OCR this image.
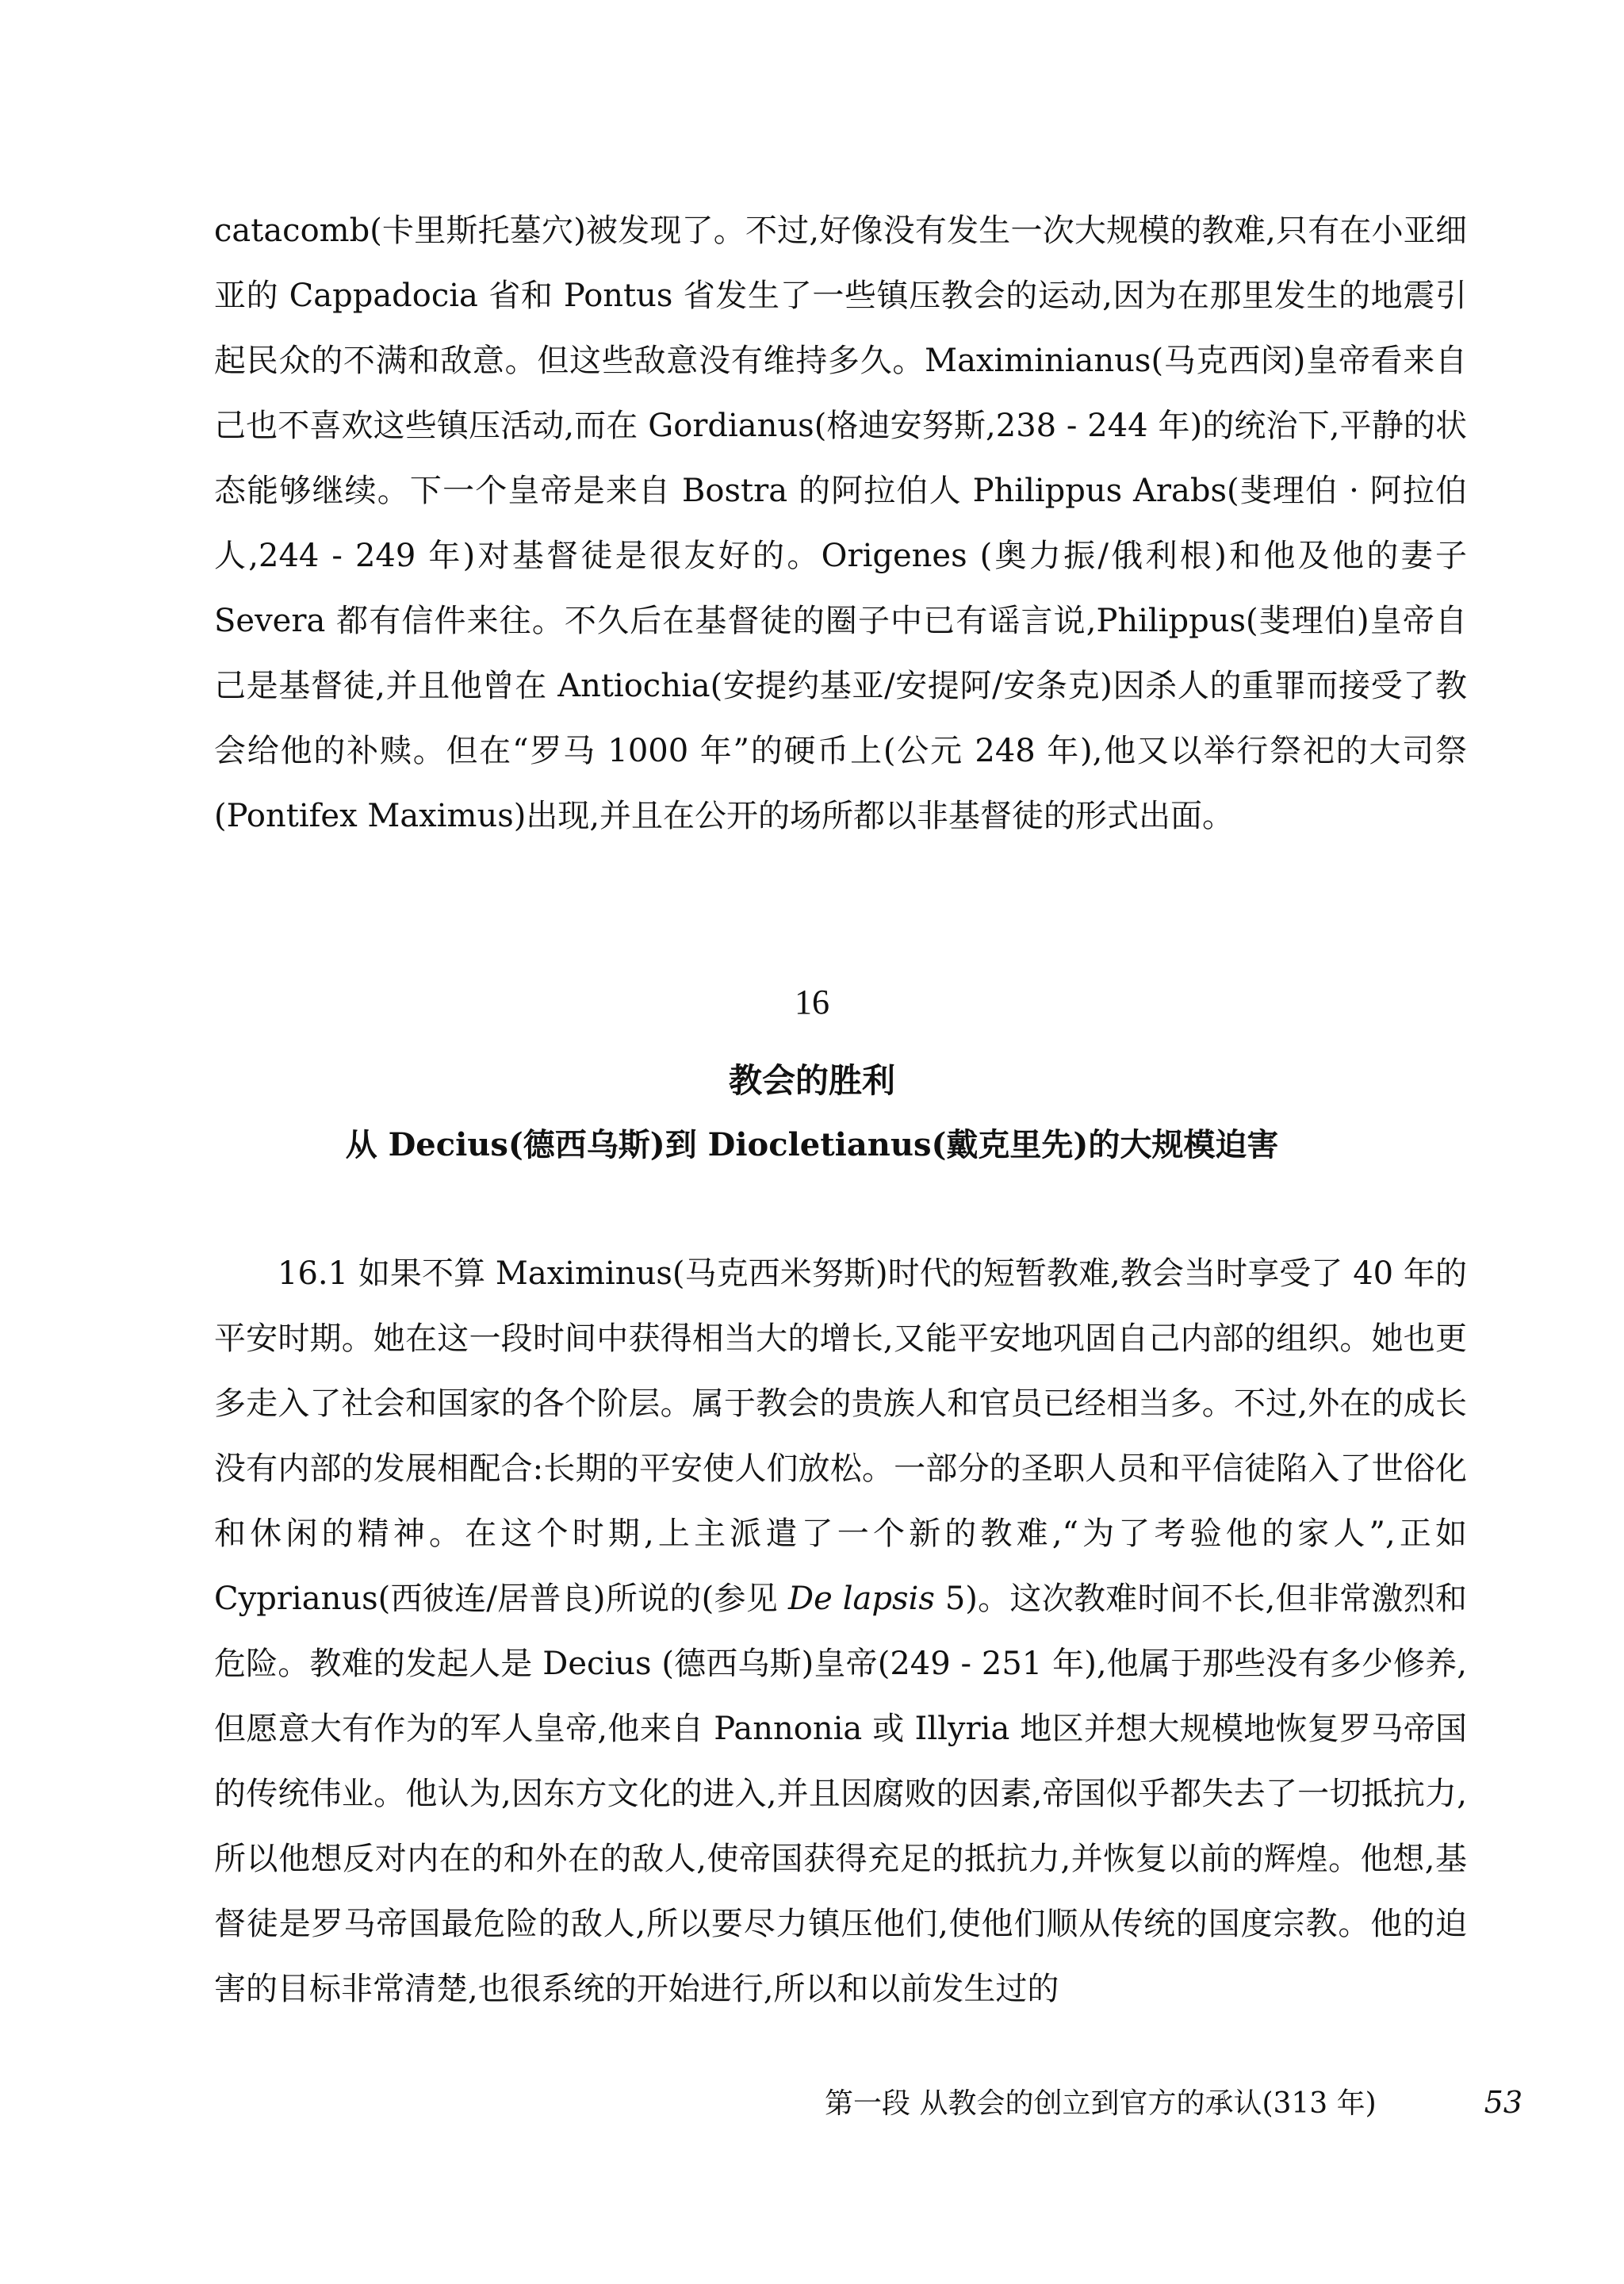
catacomb(卡里斯托墓穴)被发现了。不过,好像没有发生一次大规模的教难,只有在小亚细亚的 Cappadocia 省和 Pontus 省发生了一些镇压教会的运动,因为在那里发生的地震引起民众的不满和敌意。但这些敌意没有维持多久。Maximinianus(马克西闵)皇帝看来自己也不喜欢这些镇压活动,而在 Gordianus(格迪安努斯,238 - 244 年)的统治下,平静的状态能够继续。下一个皇帝是来自 Bostra 的阿拉伯人 Philippus Arabs(斐理伯 · 阿拉伯人,244 - 249 年)对基督徒是很友好的。Origenes (奥力振/俄利根)和他及他的妻子 Severa 都有信件来往。不久后在基督徒的圈子中已有谣言说,Philippus(斐理伯)皇帝自己是基督徒,并且他曾在 Antiochia(安提约基亚/安提阿/安条克)因杀人的重罪而接受了教会给他的补赎。但在“罗马 1000 年”的硬币上(公元 248 年),他又以举行祭祀的大司祭(Pontifex Maximus)出现,并且在公开的场所都以非基督徒的形式出面。

16
教会的胜利
从 Decius(德西乌斯)到 Diocletianus(戴克里先)的大规模迫害

16.1 如果不算 Maximinus(马克西米努斯)时代的短暂教难,教会当时享受了 40 年的平安时期。她在这一段时间中获得相当大的增长,又能平安地巩固自己内部的组织。她也更多走入了社会和国家的各个阶层。属于教会的贵族人和官员已经相当多。不过,外在的成长没有内部的发展相配合:长期的平安使人们放松。一部分的圣职人员和平信徒陷入了世俗化和休闲的精神。在这个时期,上主派遣了一个新的教难,“为了考验他的家人”,正如 Cyprianus(西彼连/居普良)所说的(参见 De lapsis 5)。这次教难时间不长,但非常激烈和危险。教难的发起人是 Decius (德西乌斯)皇帝(249 - 251 年),他属于那些没有多少修养,但愿意大有作为的军人皇帝,他来自 Pannonia 或 Illyria 地区并想大规模地恢复罗马帝国的传统伟业。他认为,因东方文化的进入,并且因腐败的因素,帝国似乎都失去了一切抵抗力,所以他想反对内在的和外在的敌人,使帝国获得充足的抵抗力,并恢复以前的辉煌。他想,基督徒是罗马帝国最危险的敌人,所以要尽力镇压他们,使他们顺从传统的国度宗教。他的迫害的目标非常清楚,也很系统的开始进行,所以和以前发生过的

第一段 从教会的创立到官方的承认(313 年)	53
